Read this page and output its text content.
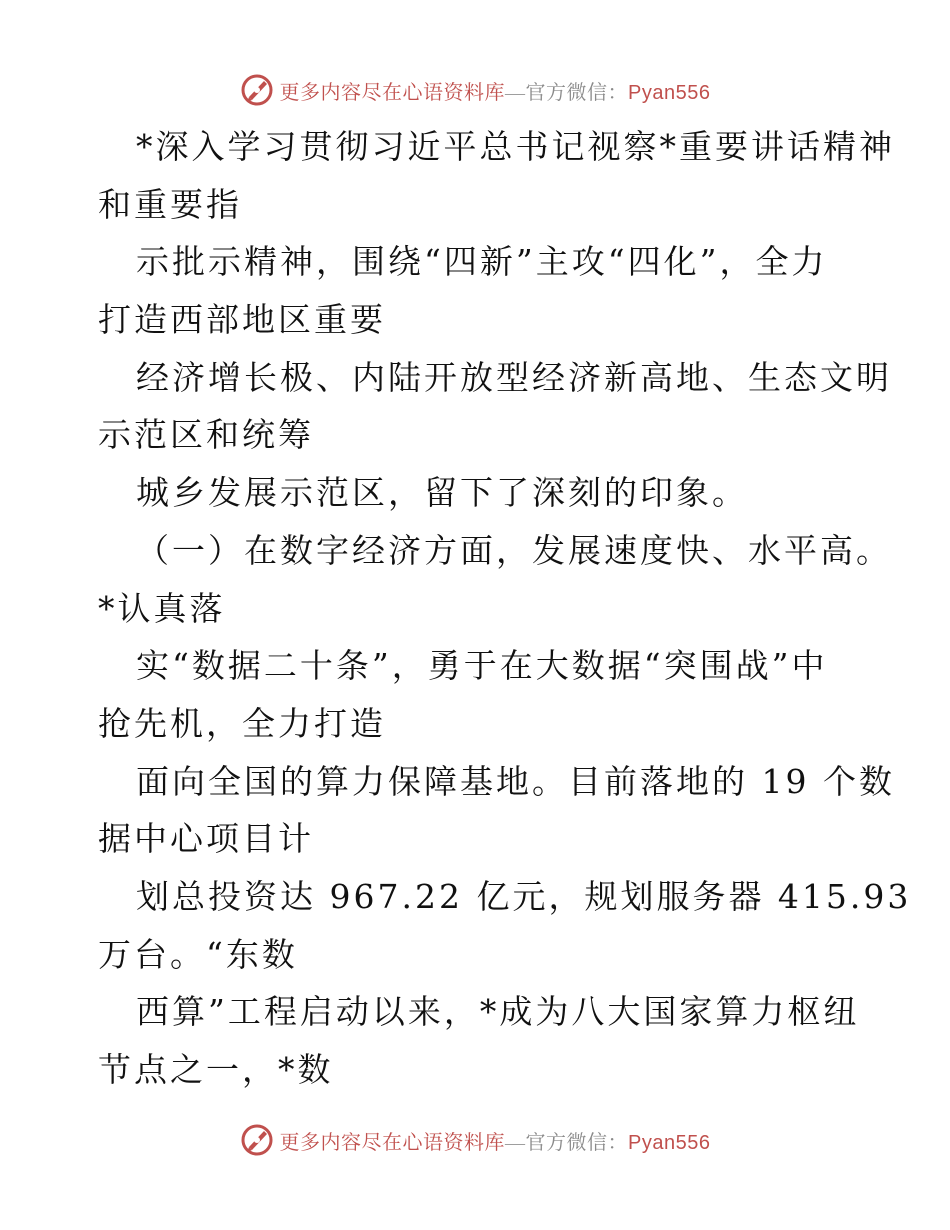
更多内容尽在心语资料库—官方微信：Pyan556
*深入学习贯彻习近平总书记视察*重要讲话精神
和重要指
示批示精神，围绕“四新”主攻“四化”，全力
打造西部地区重要
经济增长极、内陆开放型经济新高地、生态文明
示范区和统筹
城乡发展示范区，留下了深刻的印象。
（一）在数字经济方面，发展速度快、水平高。
*认真落
实“数据二十条”，勇于在大数据“突围战”中
抢先机，全力打造
面向全国的算力保障基地。目前落地的 19 个数
据中心项目计
划总投资达 967.22 亿元，规划服务器 415.93
万台。“东数
西算”工程启动以来，*成为八大国家算力枢纽
节点之一，*数
更多内容尽在心语资料库—官方微信：Pyan556
